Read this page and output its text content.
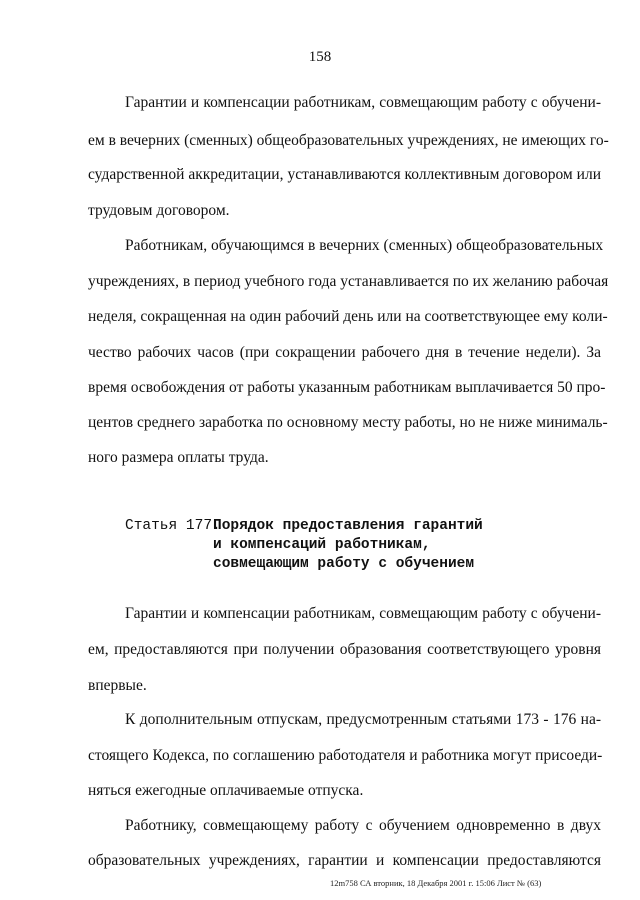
158
Гарантии и компенсации работникам, совмещающим работу с обучени-
ем в вечерних (сменных) общеобразовательных учреждениях, не имеющих го-
сударственной аккредитации, устанавливаются коллективным договором или
трудовым договором.
Работникам, обучающимся в вечерних (сменных) общеобразовательных
учреждениях, в период учебного года устанавливается по их желанию рабочая
неделя, сокращенная на один рабочий день или на соответствующее ему коли-
чество рабочих часов (при сокращении рабочего дня в течение недели). За
время освобождения от работы указанным работникам выплачивается 50 про-
центов среднего заработка по основному месту работы, но не ниже минималь-
ного размера оплаты труда.
Статья 177.
Порядок предоставления гарантий
и компенсаций работникам,
совмещающим работу с обучением
Гарантии и компенсации работникам, совмещающим работу с обучени-
ем, предоставляются при получении образования соответствующего уровня
впервые.
К дополнительным отпускам, предусмотренным статьями 173 - 176 на-
стоящего Кодекса, по соглашению работодателя и работника могут присоеди-
няться ежегодные оплачиваемые отпуска.
Работнику, совмещающему работу с обучением одновременно в двух
образовательных учреждениях, гарантии и компенсации предоставляются
12m758 СА вторник, 18 Декабря 2001 г. 15:06 Лист № (63)
